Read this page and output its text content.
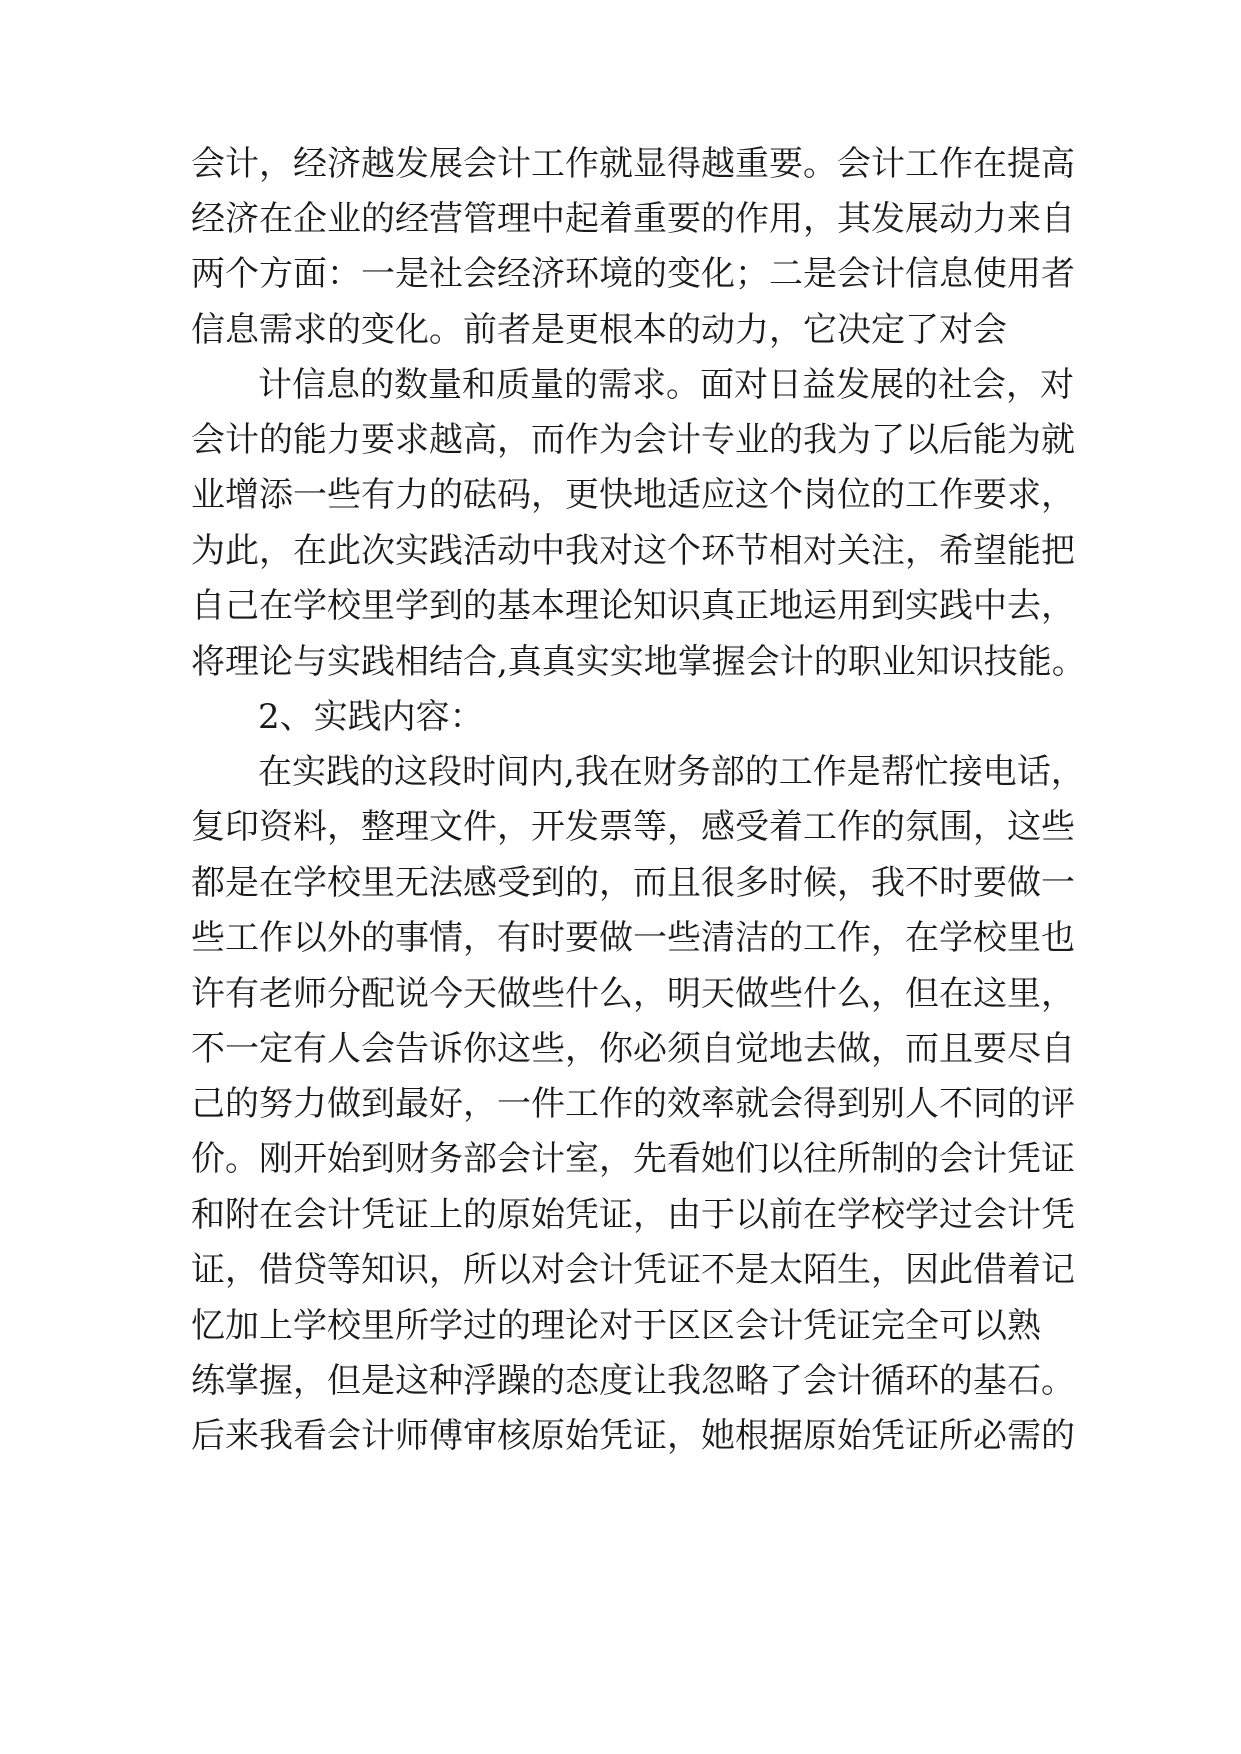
会计，经济越发展会计工作就显得越重要。会计工作在提高
经济在企业的经营管理中起着重要的作用，其发展动力来自
两个方面：一是社会经济环境的变化；二是会计信息使用者
信息需求的变化。前者是更根本的动力，它决定了对会
计信息的数量和质量的需求。面对日益发展的社会，对
会计的能力要求越高，而作为会计专业的我为了以后能为就
业增添一些有力的砝码，更快地适应这个岗位的工作要求，
为此，在此次实践活动中我对这个环节相对关注，希望能把
自己在学校里学到的基本理论知识真正地运用到实践中去，
将理论与实践相结合,真真实实地掌握会计的职业知识技能。
2、实践内容：
在实践的这段时间内,我在财务部的工作是帮忙接电话，
复印资料，整理文件，开发票等，感受着工作的氛围，这些
都是在学校里无法感受到的，而且很多时候，我不时要做一
些工作以外的事情，有时要做一些清洁的工作，在学校里也
许有老师分配说今天做些什么，明天做些什么，但在这里，
不一定有人会告诉你这些，你必须自觉地去做，而且要尽自
己的努力做到最好，一件工作的效率就会得到别人不同的评
价。刚开始到财务部会计室，先看她们以往所制的会计凭证
和附在会计凭证上的原始凭证，由于以前在学校学过会计凭
证，借贷等知识，所以对会计凭证不是太陌生，因此借着记
忆加上学校里所学过的理论对于区区会计凭证完全可以熟
练掌握，但是这种浮躁的态度让我忽略了会计循环的基石。
后来我看会计师傅审核原始凭证，她根据原始凭证所必需的
